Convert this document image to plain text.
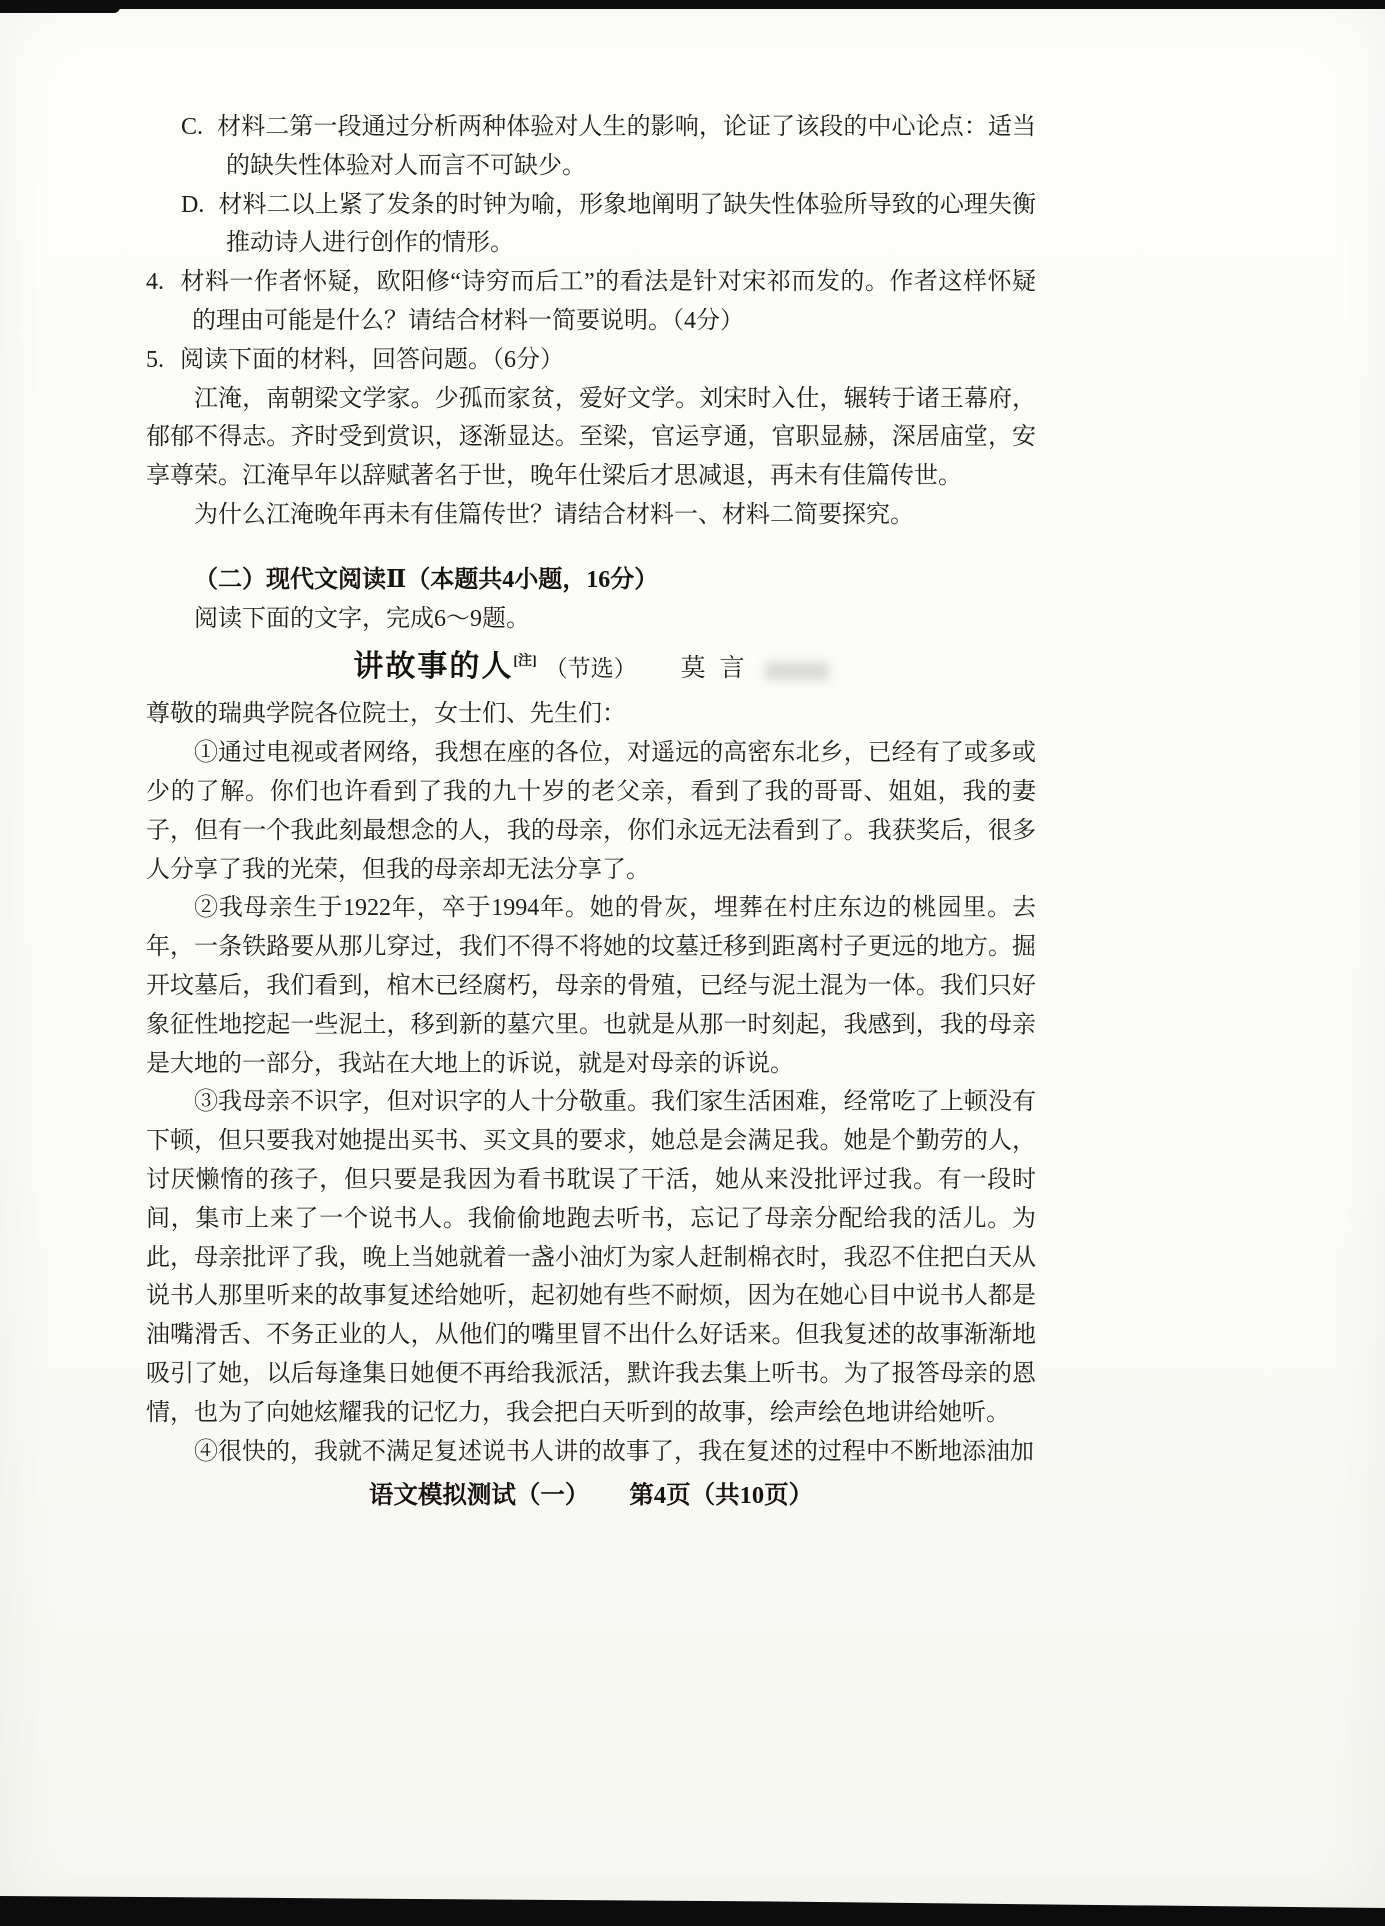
C. 材料二第一段通过分析两种体验对人生的影响，论证了该段的中心论点：适当的缺失性体验对人而言不可缺少。

D. 材料二以上紧了发条的时钟为喻，形象地阐明了缺失性体验所导致的心理失衡推动诗人进行创作的情形。

4. 材料一作者怀疑，欧阳修“诗穷而后工”的看法是针对宋祁而发的。作者这样怀疑的理由可能是什么？请结合材料一简要说明。（4分）

5. 阅读下面的材料，回答问题。（6分）

江淹，南朝梁文学家。少孤而家贫，爱好文学。刘宋时入仕，辗转于诸王幕府，郁郁不得志。齐时受到赏识，逐渐显达。至梁，官运亨通，官职显赫，深居庙堂，安享尊荣。江淹早年以辞赋著名于世，晚年仕梁后才思减退，再未有佳篇传世。

为什么江淹晚年再未有佳篇传世？请结合材料一、材料二简要探究。

（二）现代文阅读Ⅱ（本题共4小题，16分）

阅读下面的文字，完成6～9题。

讲故事的人[注] （节选） 莫言

尊敬的瑞典学院各位院士，女士们、先生们：

①通过电视或者网络，我想在座的各位，对遥远的高密东北乡，已经有了或多或少的了解。你们也许看到了我的九十岁的老父亲，看到了我的哥哥、姐姐，我的妻子，但有一个我此刻最想念的人，我的母亲，你们永远无法看到了。我获奖后，很多人分享了我的光荣，但我的母亲却无法分享了。

②我母亲生于1922年，卒于1994年。她的骨灰，埋葬在村庄东边的桃园里。去年，一条铁路要从那儿穿过，我们不得不将她的坟墓迁移到距离村子更远的地方。掘开坟墓后，我们看到，棺木已经腐朽，母亲的骨殖，已经与泥土混为一体。我们只好象征性地挖起一些泥土，移到新的墓穴里。也就是从那一时刻起，我感到，我的母亲是大地的一部分，我站在大地上的诉说，就是对母亲的诉说。

③我母亲不识字，但对识字的人十分敬重。我们家生活困难，经常吃了上顿没有下顿，但只要我对她提出买书、买文具的要求，她总是会满足我。她是个勤劳的人，讨厌懒惰的孩子，但只要是我因为看书耽误了干活，她从来没批评过我。有一段时间，集市上来了一个说书人。我偷偷地跑去听书，忘记了母亲分配给我的活儿。为此，母亲批评了我，晚上当她就着一盏小油灯为家人赶制棉衣时，我忍不住把白天从说书人那里听来的故事复述给她听，起初她有些不耐烦，因为在她心目中说书人都是油嘴滑舌、不务正业的人，从他们的嘴里冒不出什么好话来。但我复述的故事渐渐地吸引了她，以后每逢集日她便不再给我派活，默许我去集上听书。为了报答母亲的恩情，也为了向她炫耀我的记忆力，我会把白天听到的故事，绘声绘色地讲给她听。

④很快的，我就不满足复述说书人讲的故事了，我在复述的过程中不断地添油加

语文模拟测试（一） 第4页（共10页）
